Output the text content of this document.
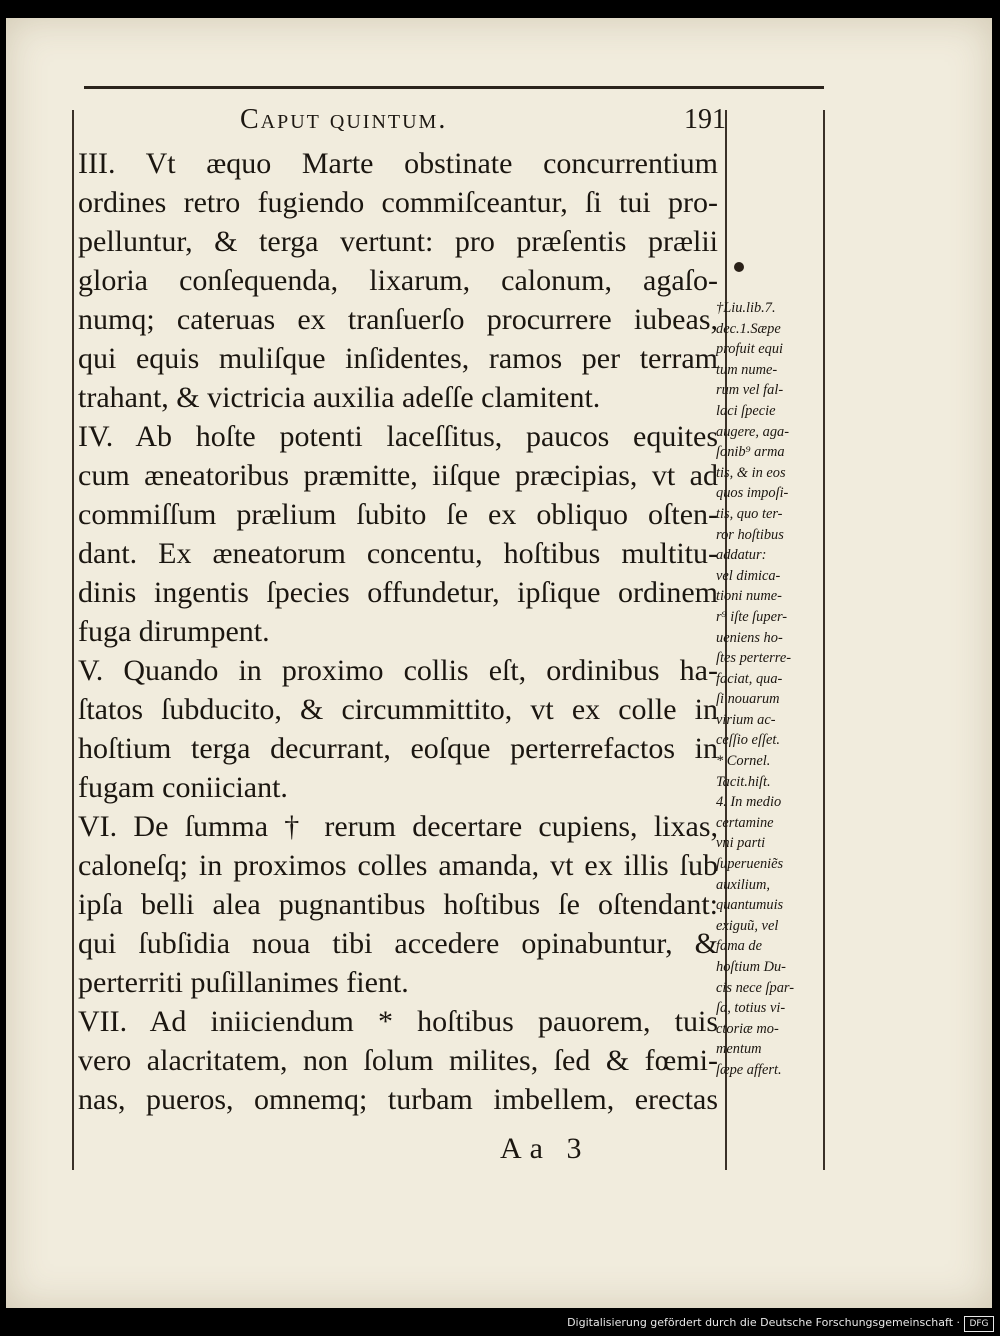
Caput quintum.	191
III. Vt æquo Marte obstinate concurrentium
ordines retro fugiendo commiſceantur, ſi tui pro-
pelluntur, & terga vertunt: pro præſentis prælii
gloria conſequenda, lixarum, calonum, agaſo-
numq; cateruas ex tranſuerſo procurrere iubeas,
qui equis muliſque inſidentes, ramos per terram
trahant, & victricia auxilia adeſſe clamitent.
IV. Ab hoſte potenti laceſſitus, paucos equites
cum æneatoribus præmitte, iiſque præcipias, vt ad
commiſſum prælium ſubito ſe ex obliquo oſten-
dant. Ex æneatorum concentu, hoſtibus multitu-
dinis ingentis ſpecies offundetur, ipſique ordinem
fuga dirumpent.
V. Quando in proximo collis eſt, ordinibus ha-
ſtatos ſubducito, & circummittito, vt ex colle in
hoſtium terga decurrant, eoſque perterrefactos in
fugam coniiciant.
VI. De ſumma † rerum decertare cupiens, lixas,
caloneſq; in proximos colles amanda, vt ex illis ſub
ipſa belli alea pugnantibus hoſtibus ſe oſtendant:
qui ſubſidia noua tibi accedere opinabuntur, &
perterriti puſillanimes fient.
VII. Ad iniiciendum * hoſtibus pauorem, tuis
vero alacritatem, non ſolum milites, ſed & fœmi-
nas, pueros, omnemq; turbam imbellem, erectas
†Liu.lib.7.
dec.1.Sæpe
profuit equi
tum nume-
rum vel fal-
laci ſpecie
augere, aga-
ſonib⁹ arma
tis, & in eos
quos impoſi-
tis, quo ter-
ror hoſtibus
addatur:
vel dimica-
tioni nume-
r⁹ iſte ſuper-
ueniens ho-
ſtes perterre-
faciat, qua-
ſi nouarum
virium ac-
ceſſio eſſet.
* Cornel.
Tacit.hiſt.
4. In medio
certamine
vni parti
ſuperueniẽs
auxilium,
quantumuis
exiguũ, vel
fama de
hoſtium Du-
cis nece ſpar-
ſa, totius vi-
ctoriæ mo-
mentum
ſæpe affert.
Aa 3
Digitalisierung gefördert durch die Deutsche Forschungsgemeinschaft ·	DFG
